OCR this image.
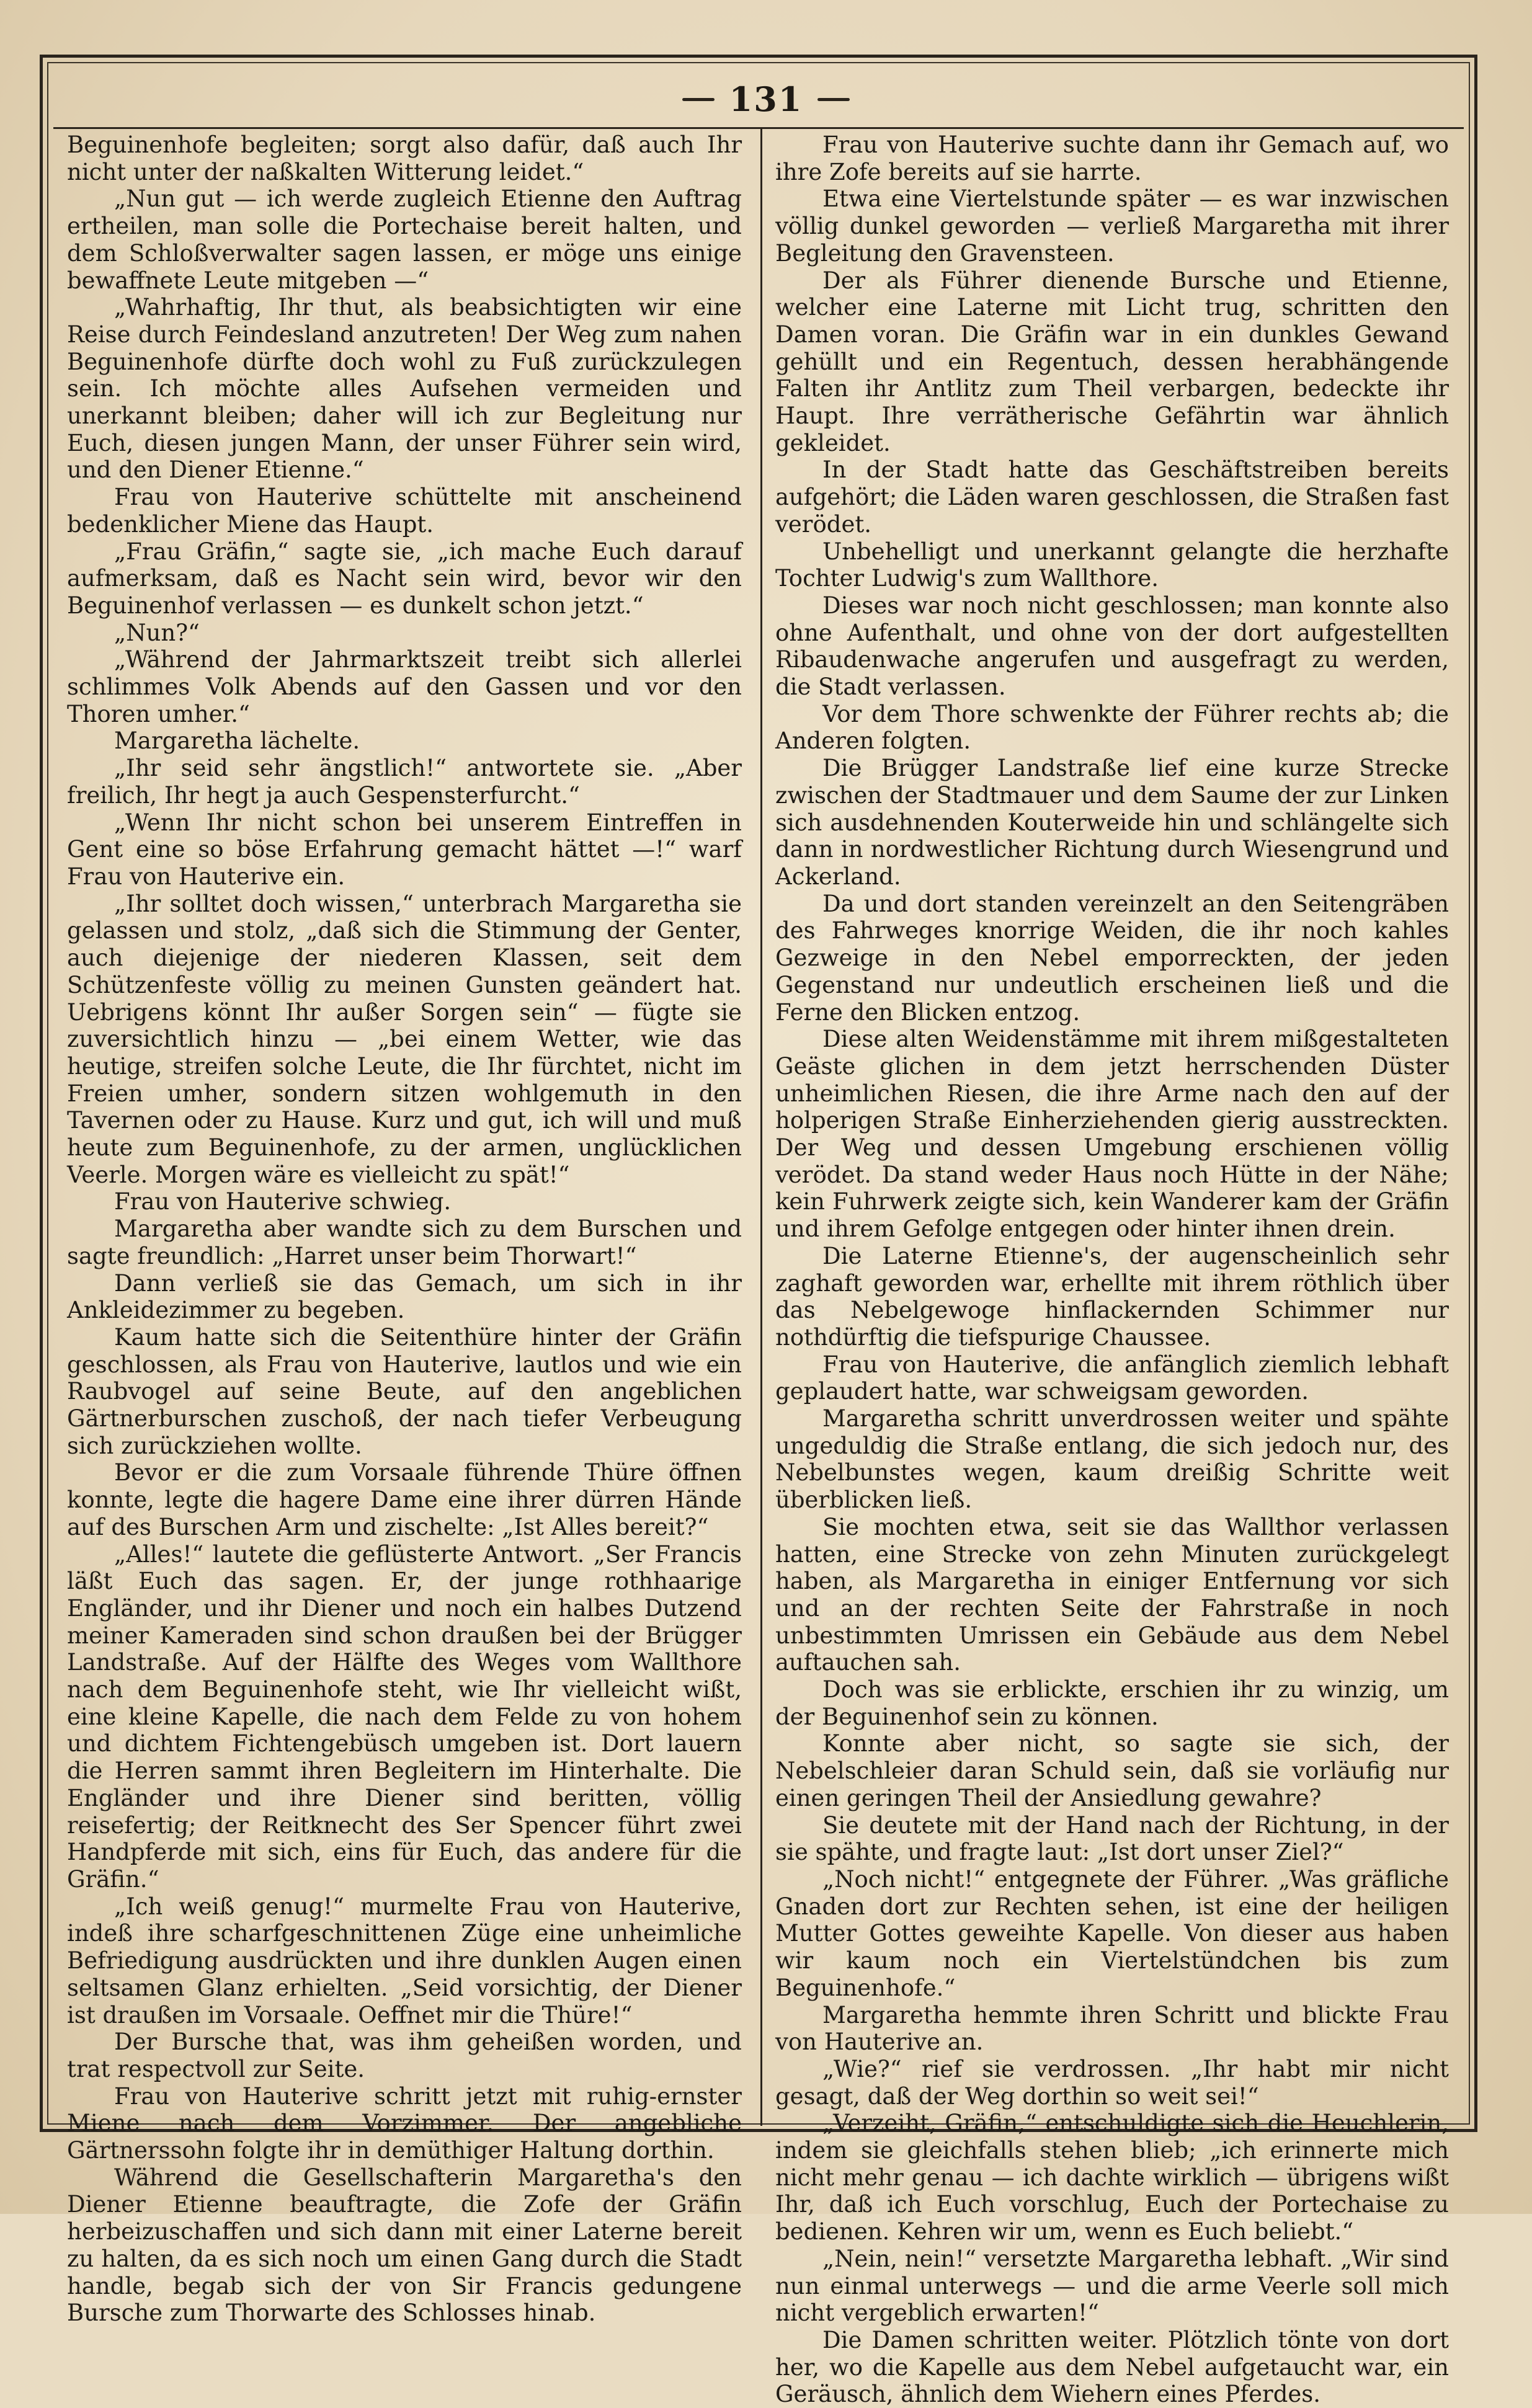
131

Beguinenhofe begleiten; sorgt also dafür, daß auch Ihr nicht unter der naßkalten Witterung leidet.“

„Nun gut — ich werde zugleich Etienne den Auftrag ertheilen, man solle die Portechaise bereit halten, und dem Schloßverwalter sagen lassen, er möge uns einige bewaffnete Leute mitgeben —“

„Wahrhaftig, Ihr thut, als beabsichtigten wir eine Reise durch Feindesland anzutreten! Der Weg zum nahen Beguinenhofe dürfte doch wohl zu Fuß zurückzulegen sein. Ich möchte alles Aufsehen vermeiden und unerkannt bleiben; daher will ich zur Begleitung nur Euch, diesen jungen Mann, der unser Führer sein wird, und den Diener Etienne.“

Frau von Hauterive schüttelte mit anscheinend bedenklicher Miene das Haupt.

„Frau Gräfin,“ sagte sie, „ich mache Euch darauf aufmerksam, daß es Nacht sein wird, bevor wir den Beguinenhof verlassen — es dunkelt schon jetzt.“

„Nun?“

„Während der Jahrmarktszeit treibt sich allerlei schlimmes Volk Abends auf den Gassen und vor den Thoren umher.“

Margaretha lächelte.

„Ihr seid sehr ängstlich!“ antwortete sie. „Aber freilich, Ihr hegt ja auch Gespensterfurcht.“

„Wenn Ihr nicht schon bei unserem Eintreffen in Gent eine so böse Erfahrung gemacht hättet —!“ warf Frau von Hauterive ein.

„Ihr solltet doch wissen,“ unterbrach Margaretha sie gelassen und stolz, „daß sich die Stimmung der Genter, auch diejenige der niederen Klassen, seit dem Schützenfeste völlig zu meinen Gunsten geändert hat. Uebrigens könnt Ihr außer Sorgen sein“ — fügte sie zuversichtlich hinzu — „bei einem Wetter, wie das heutige, streifen solche Leute, die Ihr fürchtet, nicht im Freien umher, sondern sitzen wohlgemuth in den Tavernen oder zu Hause. Kurz und gut, ich will und muß heute zum Beguinenhofe, zu der armen, unglücklichen Veerle. Morgen wäre es vielleicht zu spät!“

Frau von Hauterive schwieg.

Margaretha aber wandte sich zu dem Burschen und sagte freundlich: „Harret unser beim Thorwart!“

Dann verließ sie das Gemach, um sich in ihr Ankleidezimmer zu begeben.

Kaum hatte sich die Seitenthüre hinter der Gräfin geschlossen, als Frau von Hauterive, lautlos und wie ein Raubvogel auf seine Beute, auf den angeblichen Gärtnerburschen zuschoß, der nach tiefer Verbeugung sich zurückziehen wollte.

Bevor er die zum Vorsaale führende Thüre öffnen konnte, legte die hagere Dame eine ihrer dürren Hände auf des Burschen Arm und zischelte: „Ist Alles bereit?“

„Alles!“ lautete die geflüsterte Antwort. „Ser Francis läßt Euch das sagen. Er, der junge rothhaarige Engländer, und ihr Diener und noch ein halbes Dutzend meiner Kameraden sind schon draußen bei der Brügger Landstraße. Auf der Hälfte des Weges vom Wallthore nach dem Beguinenhofe steht, wie Ihr vielleicht wißt, eine kleine Kapelle, die nach dem Felde zu von hohem und dichtem Fichtengebüsch umgeben ist. Dort lauern die Herren sammt ihren Begleitern im Hinterhalte. Die Engländer und ihre Diener sind beritten, völlig reisefertig; der Reitknecht des Ser Spencer führt zwei Handpferde mit sich, eins für Euch, das andere für die Gräfin.“

„Ich weiß genug!“ murmelte Frau von Hauterive, indeß ihre scharfgeschnittenen Züge eine unheimliche Befriedigung ausdrückten und ihre dunklen Augen einen seltsamen Glanz erhielten. „Seid vorsichtig, der Diener ist draußen im Vorsaale. Oeffnet mir die Thüre!“

Der Bursche that, was ihm geheißen worden, und trat respectvoll zur Seite.

Frau von Hauterive schritt jetzt mit ruhig-ernster Miene nach dem Vorzimmer. Der angebliche Gärtnerssohn folgte ihr in demüthiger Haltung dorthin.

Während die Gesellschafterin Margaretha's den Diener Etienne beauftragte, die Zofe der Gräfin herbeizuschaffen und sich dann mit einer Laterne bereit zu halten, da es sich noch um einen Gang durch die Stadt handle, begab sich der von Sir Francis gedungene Bursche zum Thorwarte des Schlosses hinab.

Frau von Hauterive suchte dann ihr Gemach auf, wo ihre Zofe bereits auf sie harrte.

Etwa eine Viertelstunde später — es war inzwischen völlig dunkel geworden — verließ Margaretha mit ihrer Begleitung den Gravensteen.

Der als Führer dienende Bursche und Etienne, welcher eine Laterne mit Licht trug, schritten den Damen voran. Die Gräfin war in ein dunkles Gewand gehüllt und ein Regentuch, dessen herabhängende Falten ihr Antlitz zum Theil verbargen, bedeckte ihr Haupt. Ihre verrätherische Gefährtin war ähnlich gekleidet.

In der Stadt hatte das Geschäftstreiben bereits aufgehört; die Läden waren geschlossen, die Straßen fast verödet.

Unbehelligt und unerkannt gelangte die herzhafte Tochter Ludwig's zum Wallthore.

Dieses war noch nicht geschlossen; man konnte also ohne Aufenthalt, und ohne von der dort aufgestellten Ribaudenwache angerufen und ausgefragt zu werden, die Stadt verlassen.

Vor dem Thore schwenkte der Führer rechts ab; die Anderen folgten.

Die Brügger Landstraße lief eine kurze Strecke zwischen der Stadtmauer und dem Saume der zur Linken sich ausdehnenden Kouterweide hin und schlängelte sich dann in nordwestlicher Richtung durch Wiesengrund und Ackerland.

Da und dort standen vereinzelt an den Seitengräben des Fahrweges knorrige Weiden, die ihr noch kahles Gezweige in den Nebel emporreckten, der jeden Gegenstand nur undeutlich erscheinen ließ und die Ferne den Blicken entzog.

Diese alten Weidenstämme mit ihrem mißgestalteten Geäste glichen in dem jetzt herrschenden Düster unheimlichen Riesen, die ihre Arme nach den auf der holperigen Straße Einherziehenden gierig ausstreckten. Der Weg und dessen Umgebung erschienen völlig verödet. Da stand weder Haus noch Hütte in der Nähe; kein Fuhrwerk zeigte sich, kein Wanderer kam der Gräfin und ihrem Gefolge entgegen oder hinter ihnen drein.

Die Laterne Etienne's, der augenscheinlich sehr zaghaft geworden war, erhellte mit ihrem röthlich über das Nebelgewoge hinflackernden Schimmer nur nothdürftig die tiefspurige Chaussee.

Frau von Hauterive, die anfänglich ziemlich lebhaft geplaudert hatte, war schweigsam geworden.

Margaretha schritt unverdrossen weiter und spähte ungeduldig die Straße entlang, die sich jedoch nur, des Nebelbunstes wegen, kaum dreißig Schritte weit überblicken ließ.

Sie mochten etwa, seit sie das Wallthor verlassen hatten, eine Strecke von zehn Minuten zurückgelegt haben, als Margaretha in einiger Entfernung vor sich und an der rechten Seite der Fahrstraße in noch unbestimmten Umrissen ein Gebäude aus dem Nebel auftauchen sah.

Doch was sie erblickte, erschien ihr zu winzig, um der Beguinenhof sein zu können.

Konnte aber nicht, so sagte sie sich, der Nebelschleier daran Schuld sein, daß sie vorläufig nur einen geringen Theil der Ansiedlung gewahre?

Sie deutete mit der Hand nach der Richtung, in der sie spähte, und fragte laut: „Ist dort unser Ziel?“

„Noch nicht!“ entgegnete der Führer. „Was gräfliche Gnaden dort zur Rechten sehen, ist eine der heiligen Mutter Gottes geweihte Kapelle. Von dieser aus haben wir kaum noch ein Viertelstündchen bis zum Beguinenhofe.“

Margaretha hemmte ihren Schritt und blickte Frau von Hauterive an.

„Wie?“ rief sie verdrossen. „Ihr habt mir nicht gesagt, daß der Weg dorthin so weit sei!“

„Verzeiht, Gräfin,“ entschuldigte sich die Heuchlerin, indem sie gleichfalls stehen blieb; „ich erinnerte mich nicht mehr genau — ich dachte wirklich — übrigens wißt Ihr, daß ich Euch vorschlug, Euch der Portechaise zu bedienen. Kehren wir um, wenn es Euch beliebt.“

„Nein, nein!“ versetzte Margaretha lebhaft. „Wir sind nun einmal unterwegs — und die arme Veerle soll mich nicht vergeblich erwarten!“

Die Damen schritten weiter. Plötzlich tönte von dort her, wo die Kapelle aus dem Nebel aufgetaucht war, ein Geräusch, ähnlich dem Wiehern eines Pferdes.
